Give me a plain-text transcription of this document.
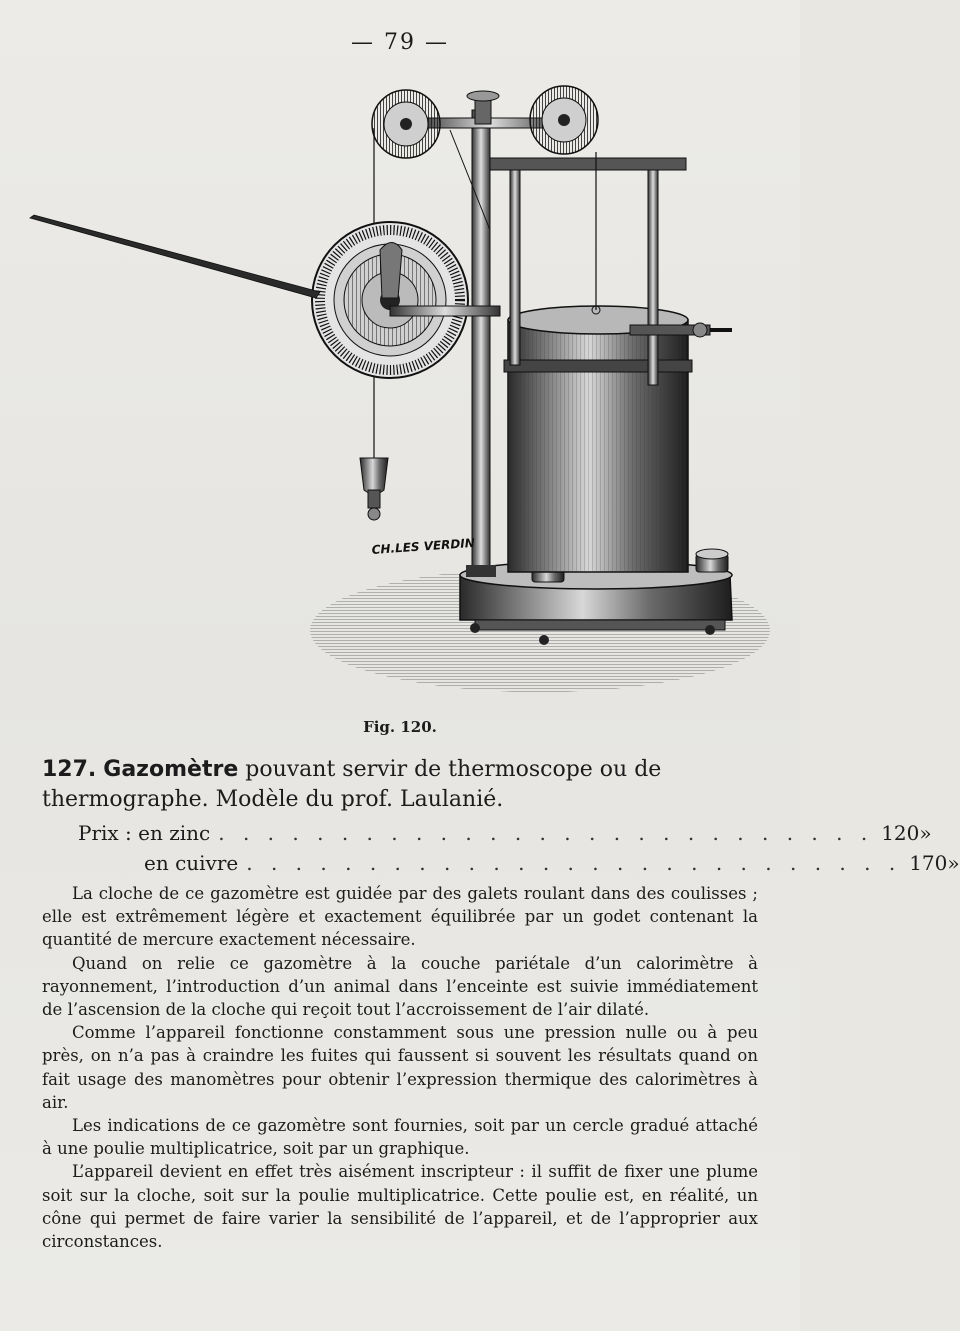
— 79 —
CH.LES VERDIN
Fig. 120.
127. Gazomètre pouvant servir de thermoscope ou de thermographe. Modèle du prof. Laulanié.
Prix : en zinc . . . . . . . . . . . . . . . . . . . . . . . . . . . 120 »
en cuivre . . . . . . . . . . . . . . . . . . . . . . . . . . . 170 »

La cloche de ce gazomètre est guidée par des galets roulant dans des coulisses ; elle est extrêmement légère et exactement équilibrée par un godet contenant la quantité de mercure exactement nécessaire.

Quand on relie ce gazomètre à la couche pariétale d’un calorimètre à rayonnement, l’introduction d’un animal dans l’enceinte est suivie immédiatement de l’ascension de la cloche qui reçoit tout l’accroissement de l’air dilaté.

Comme l’appareil fonctionne constamment sous une pression nulle ou à peu près, on n’a pas à craindre les fuites qui faussent si souvent les résultats quand on fait usage des manomètres pour obtenir l’expression thermique des calorimètres à air.

Les indications de ce gazomètre sont fournies, soit par un cercle gradué attaché à une poulie multiplicatrice, soit par un graphique.

L’appareil devient en effet très aisément inscripteur : il suffit de fixer une plume soit sur la cloche, soit sur la poulie multiplicatrice. Cette poulie est, en réalité, un cône qui permet de faire varier la sensibilité de l’appareil, et de l’approprier aux circonstances.
